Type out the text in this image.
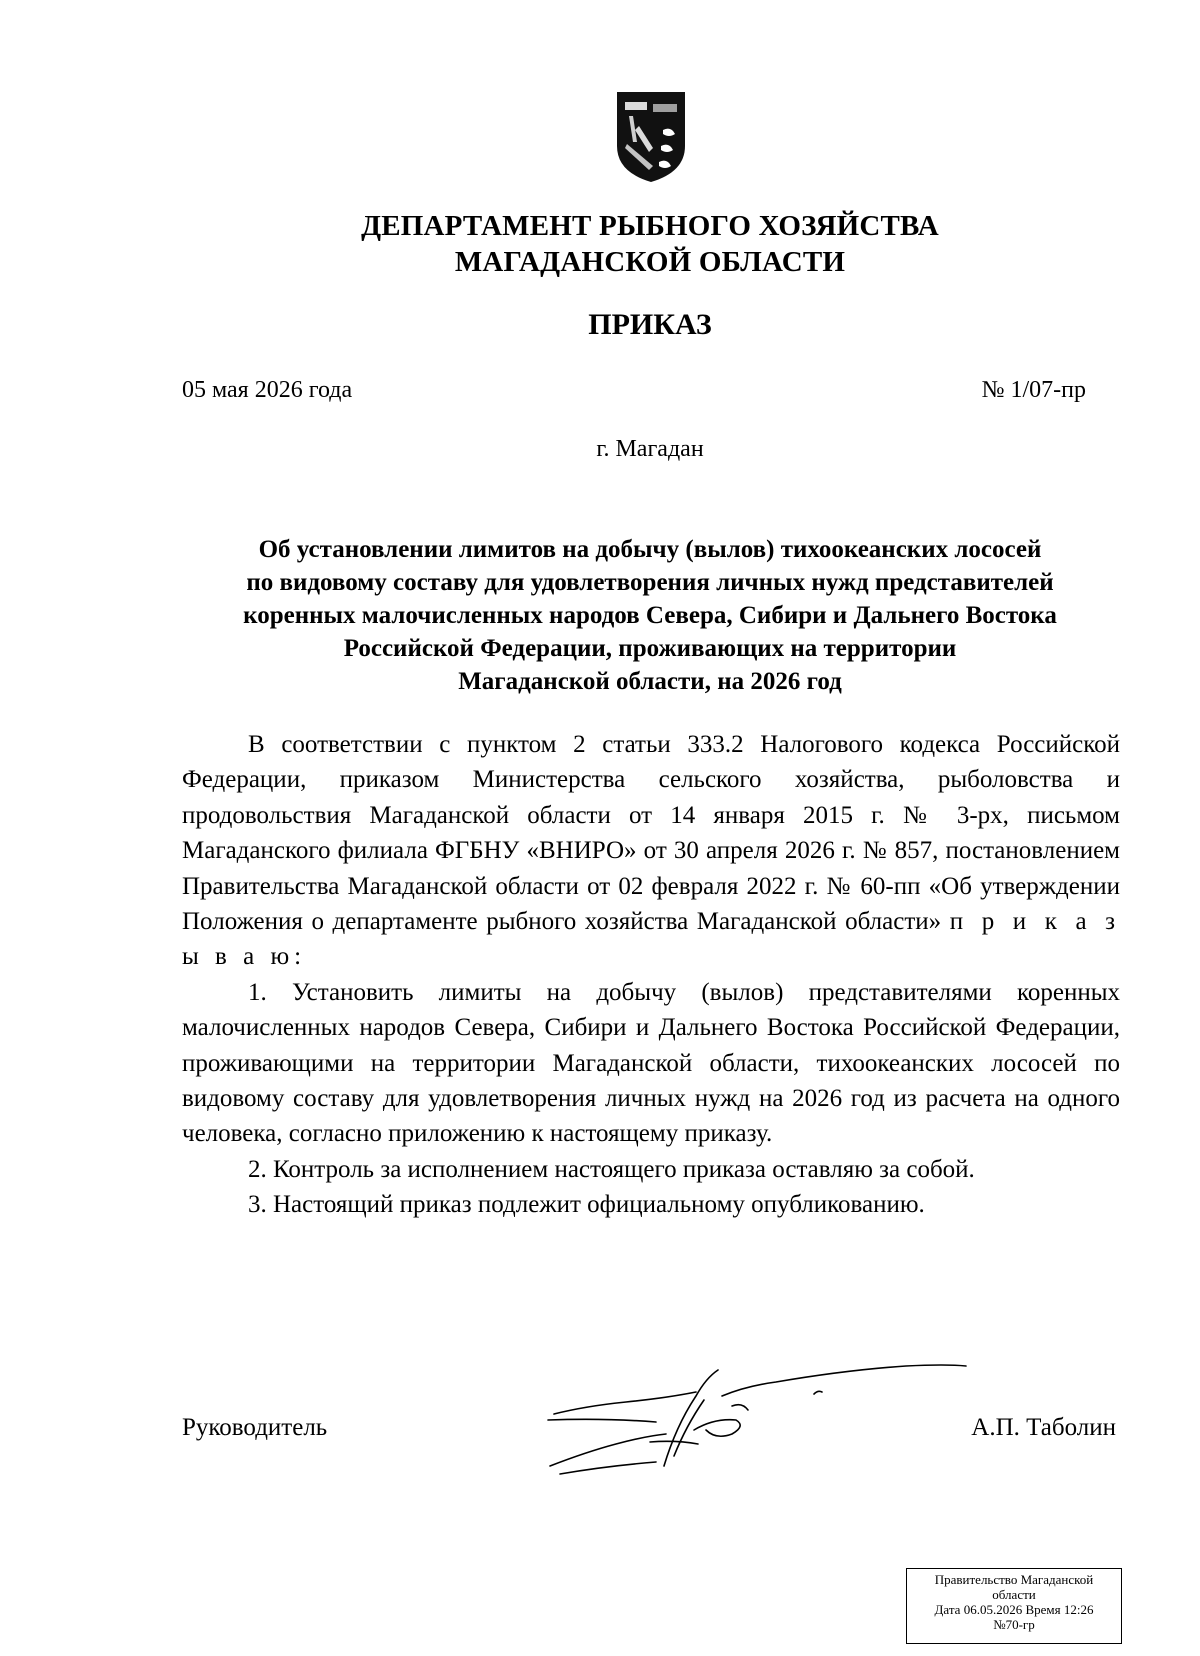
ДЕПАРТАМЕНТ РЫБНОГО ХОЗЯЙСТВА
МАГАДАНСКОЙ ОБЛАСТИ
ПРИКАЗ
05 мая 2026 года	№ 1/07-пр
г. Магадан
Об установлении лимитов на добычу (вылов) тихоокеанских лососей
по видовому составу для удовлетворения личных нужд представителей
коренных малочисленных народов Севера, Сибири и Дальнего Востока
Российской Федерации, проживающих на территории
Магаданской области, на 2026 год

В соответствии с пунктом 2 статьи 333.2 Налогового кодекса Российской Федерации, приказом Министерства сельского хозяйства, рыболовства и продовольствия Магаданской области от 14 января 2015 г. № 3-рх, письмом Магаданского филиала ФГБНУ «ВНИРО» от 30 апреля 2026 г. № 857, постановлением Правительства Магаданской области от 02 февраля 2022 г. № 60-пп «Об утверждении Положения о департаменте рыбного хозяйства Магаданской области» п р и к а з ы в а ю:

1. Установить лимиты на добычу (вылов) представителями коренных малочисленных народов Севера, Сибири и Дальнего Востока Российской Федерации, проживающими на территории Магаданской области, тихоокеанских лососей по видовому составу для удовлетворения личных нужд на 2026 год из расчета на одного человека, согласно приложению к настоящему приказу.

2. Контроль за исполнением настоящего приказа оставляю за собой.

3. Настоящий приказ подлежит официальному опубликованию.

Руководитель	А.П. Таболин
Правительство Магаданской
области
Дата 06.05.2026 Время 12:26
№70-гр
